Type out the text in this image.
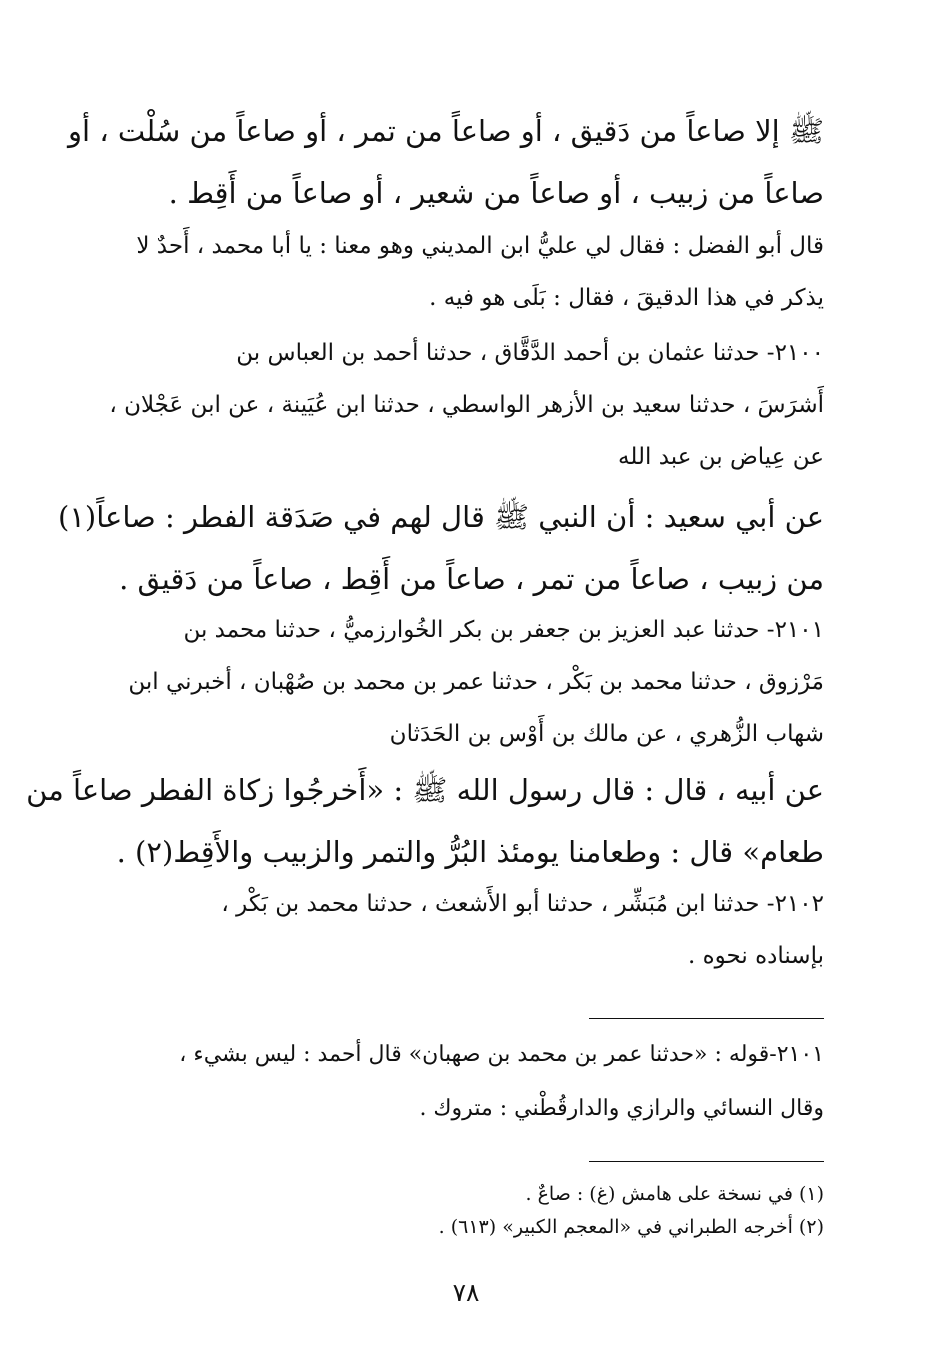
ﷺ إلا صاعاً من دَقيق ، أو صاعاً من تمر ، أو صاعاً من سُلْت ، أو
صاعاً من زبيب ، أو صاعاً من شعير ، أو صاعاً من أَقِط .
قال أبو الفضل : فقال لي عليُّ ابن المديني وهو معنا : يا أبا محمد ، أَحدٌ لا
يذكر في هذا الدقيقَ ، فقال : بَلَى هو فيه .
٢١٠٠- حدثنا عثمان بن أحمد الدَّقَّاق ، حدثنا أحمد بن العباس بن
أَشرَسَ ، حدثنا سعيد بن الأزهر الواسطي ، حدثنا ابن عُيَينة ، عن ابن عَجْلان ،
عن عِياض بن عبد الله
عن أبي سعيد : أن النبي ﷺ قال لهم في صَدَقة الفطر : صاعاً(١)
من زبيب ، صاعاً من تمر ، صاعاً من أَقِط ، صاعاً من دَقيق .
٢١٠١- حدثنا عبد العزيز بن جعفر بن بكر الخُوارزميُّ ، حدثنا محمد بن
مَرْزوق ، حدثنا محمد بن بَكْر ، حدثنا عمر بن محمد بن صُهْبان ، أخبرني ابن
شهاب الزُّهري ، عن مالك بن أَوْس بن الحَدَثان
عن أبيه ، قال : قال رسول الله ﷺ : «أَخرجُوا زكاة الفطر صاعاً من
طعام» قال : وطعامنا يومئذ البُرُّ والتمر والزبيب والأَقِط(٢) .
٢١٠٢- حدثنا ابن مُبَشِّر ، حدثنا أبو الأَشعث ، حدثنا محمد بن بَكْر ،
بإسناده نحوه .
٢١٠١-قوله : «حدثنا عمر بن محمد بن صهبان» قال أحمد : ليس بشيء ،
وقال النسائي والرازي والدارقُطْني : متروك .
(١) في نسخة على هامش (غ) : صاعٌ .
(٢) أخرجه الطبراني في «المعجم الكبير» (٦١٣) .
٧٨
